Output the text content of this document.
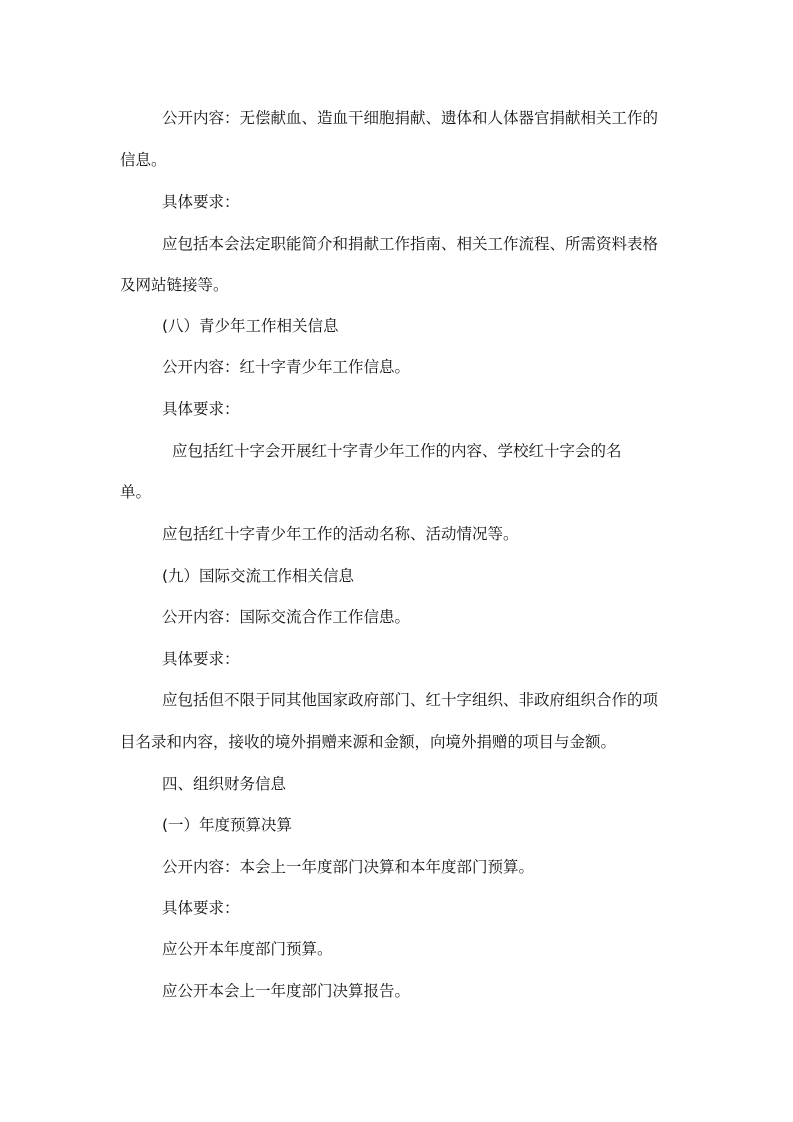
公开内容：无偿献血、造血干细胞捐献、遗体和人体器官捐献相关工作的

信息。

具体要求：

应包括本会法定职能简介和捐献工作指南、相关工作流程、所需资料表格

及网站链接等。

(八）青少年工作相关信息

公开内容：红十字青少年工作信息。

具体要求：

应包括红十字会开展红十字青少年工作的内容、学校红十字会的名

单。

应包括红十字青少年工作的活动名称、活动情况等。

(九）国际交流工作相关信息

公开内容：国际交流合作工作信患。

具体要求：

应包括但不限于同其他国家政府部门、红十字组织、非政府组织合作的项

目名录和内容，接收的境外捐赠来源和金额，向境外捐赠的项目与金额。

四、组织财务信息

(一）年度预算决算

公开内容：本会上一年度部门决算和本年度部门预算。

具体要求：

应公开本年度部门预算。

应公开本会上一年度部门决算报告。
